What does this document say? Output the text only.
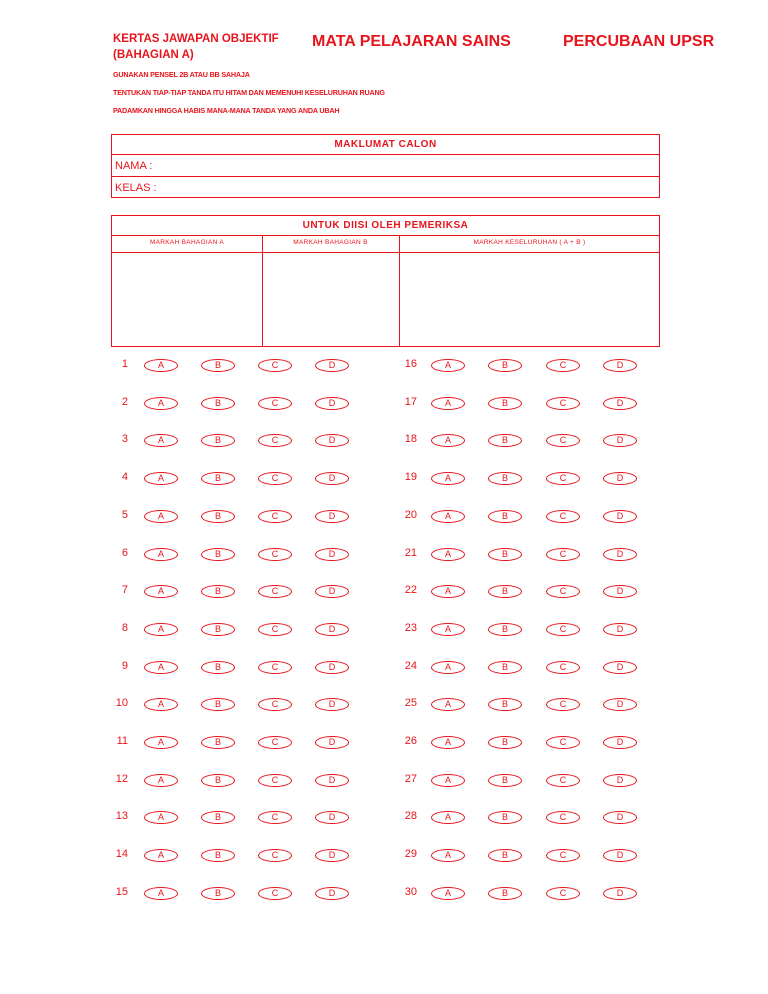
KERTAS JAWAPAN OBJEKTIF
(BAHAGIAN A)
MATA PELAJARAN SAINS	PERCUBAAN UPSR
GUNAKAN PENSEL 2B ATAU BB SAHAJA
TENTUKAN TIAP-TIAP TANDA ITU HITAM DAN MEMENUHI KESELURUHAN RUANG
PADAMKAN HINGGA HABIS MANA-MANA TANDA YANG ANDA UBAH
MAKLUMAT CALON
NAMA :
KELAS :
UNTUK DIISI OLEH PEMERIKSA
MARKAH BAHAGIAN A	MARKAH BAHAGIAN B	MARKAH KESELURUHAN ( A + B )
1	A	B	C	D
2	A	B	C	D
3	A	B	C	D
4	A	B	C	D
5	A	B	C	D
6	A	B	C	D
7	A	B	C	D
8	A	B	C	D
9	A	B	C	D
10	A	B	C	D
11	A	B	C	D
12	A	B	C	D
13	A	B	C	D
14	A	B	C	D
15	A	B	C	D
16	A	B	C	D
17	A	B	C	D
18	A	B	C	D
19	A	B	C	D
20	A	B	C	D
21	A	B	C	D
22	A	B	C	D
23	A	B	C	D
24	A	B	C	D
25	A	B	C	D
26	A	B	C	D
27	A	B	C	D
28	A	B	C	D
29	A	B	C	D
30	A	B	C	D
